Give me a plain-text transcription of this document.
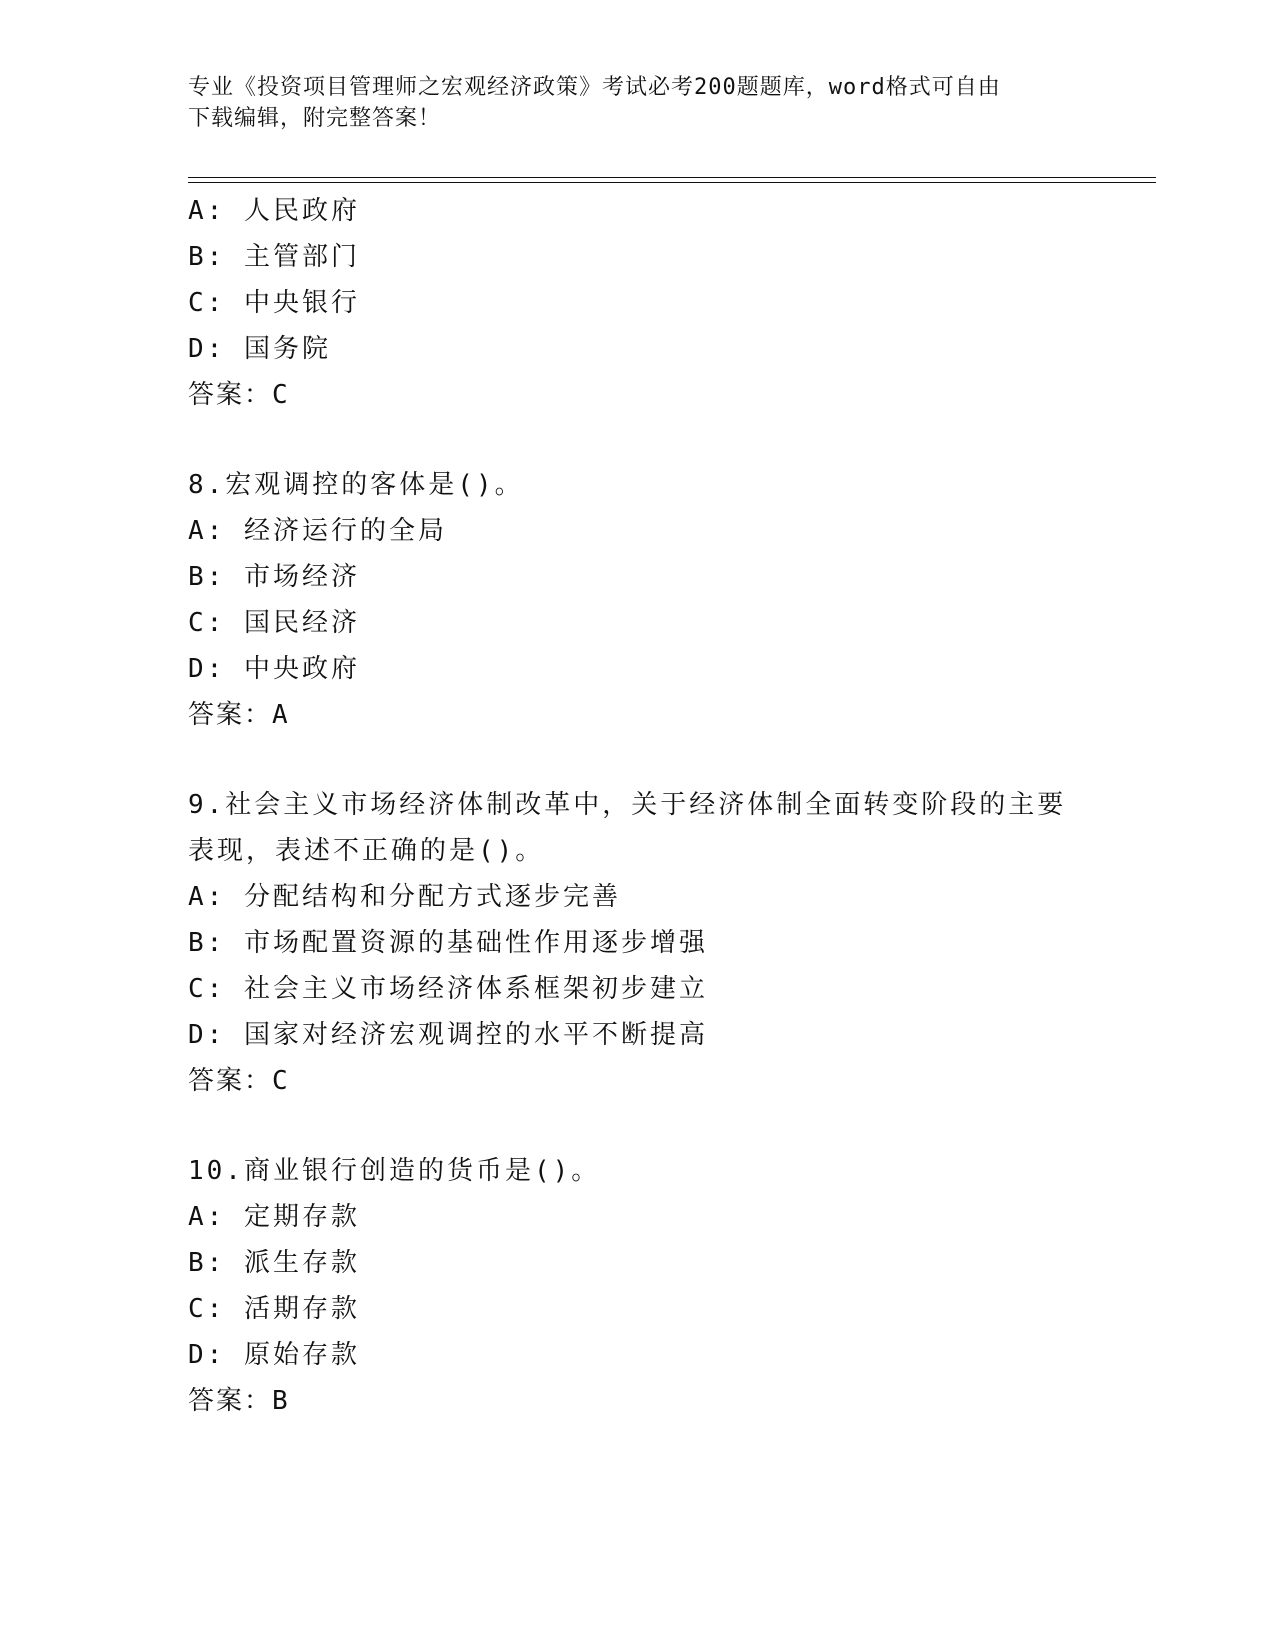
专业《投资项目管理师之宏观经济政策》考试必考200题题库，word格式可自由
下载编辑，附完整答案！
A: 人民政府
B: 主管部门
C: 中央银行
D: 国务院
答案：C
8.宏观调控的客体是()。
A: 经济运行的全局
B: 市场经济
C: 国民经济
D: 中央政府
答案：A
9.社会主义市场经济体制改革中，关于经济体制全面转变阶段的主要
表现，表述不正确的是()。
A: 分配结构和分配方式逐步完善
B: 市场配置资源的基础性作用逐步增强
C: 社会主义市场经济体系框架初步建立
D: 国家对经济宏观调控的水平不断提高
答案：C
10.商业银行创造的货币是()。
A: 定期存款
B: 派生存款
C: 活期存款
D: 原始存款
答案：B
